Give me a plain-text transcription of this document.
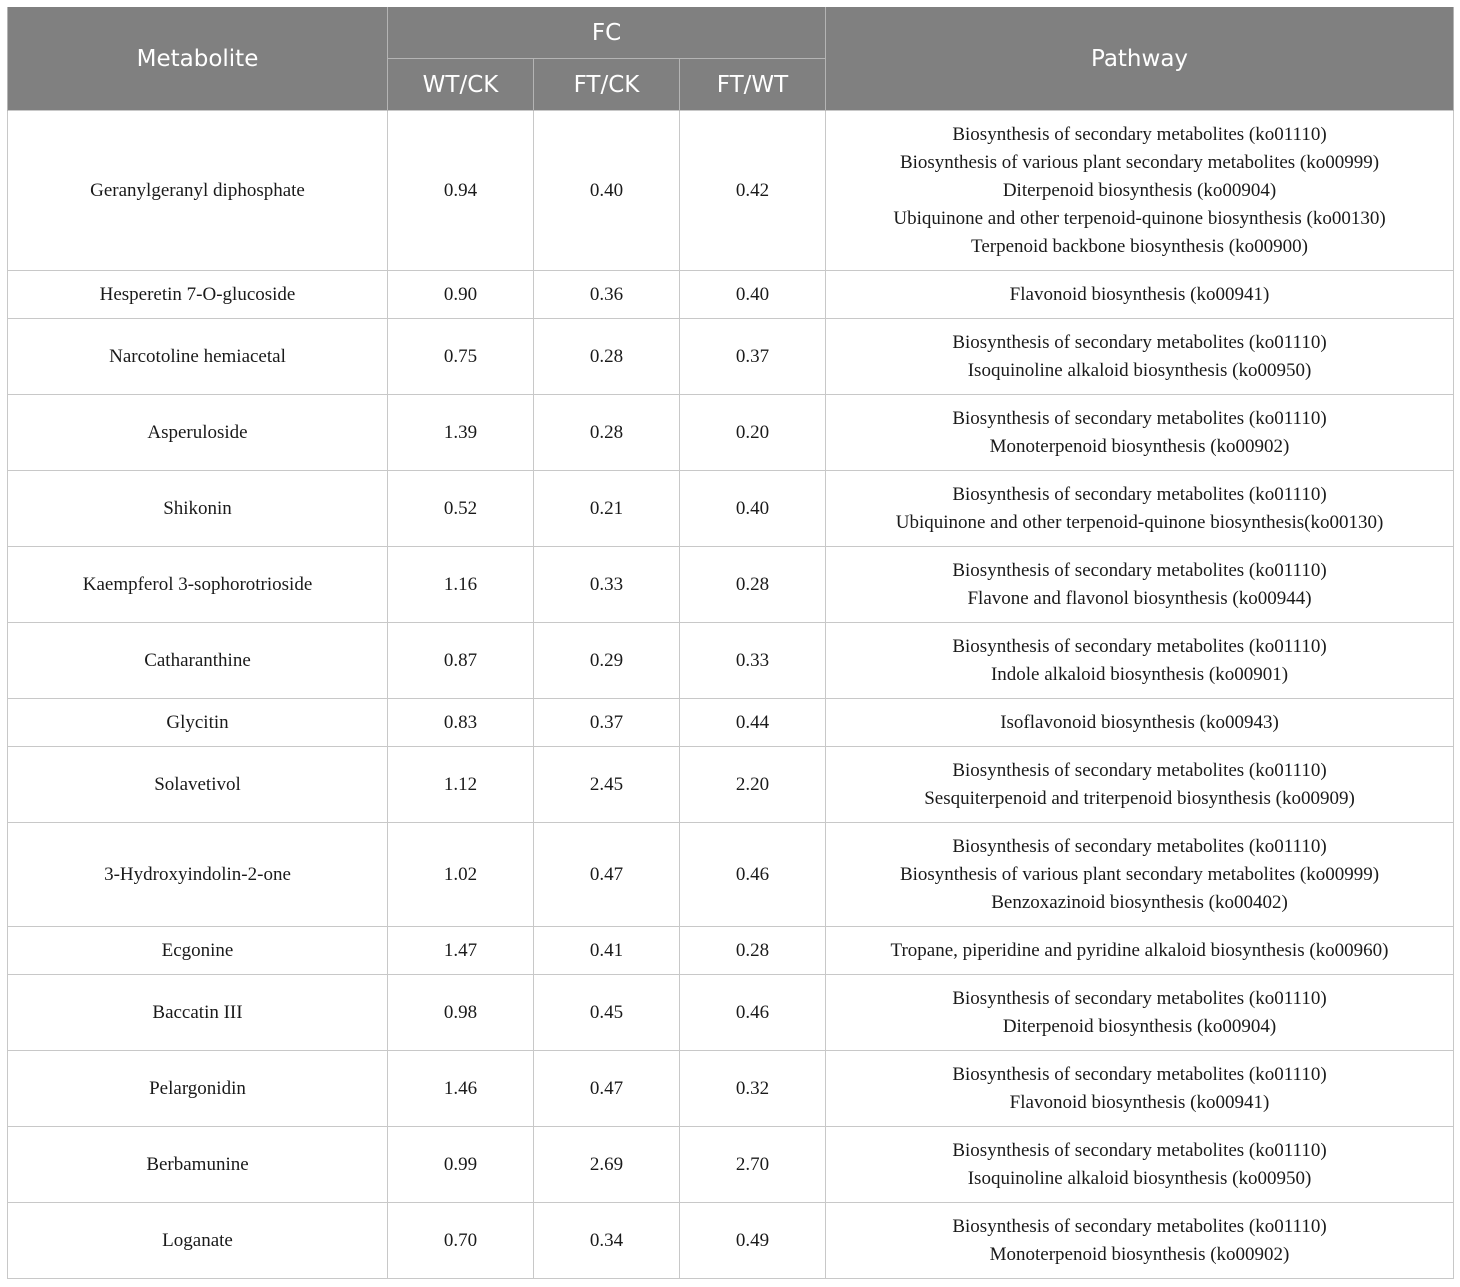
Metabolite	FC			Pathway
	WT/CK	FT/CK	FT/WT	
Geranylgeranyl diphosphate	0.94	0.40	0.42	Biosynthesis of secondary metabolites (ko01110)
Biosynthesis of various plant secondary metabolites (ko00999)
Diterpenoid biosynthesis (ko00904)
Ubiquinone and other terpenoid-quinone biosynthesis (ko00130)
Terpenoid backbone biosynthesis (ko00900)

Hesperetin 7-O-glucoside	0.90	0.36	0.40	Flavonoid biosynthesis (ko00941)

Narcotoline hemiacetal	0.75	0.28	0.37	Biosynthesis of secondary metabolites (ko01110)
Isoquinoline alkaloid biosynthesis (ko00950)

Asperuloside	1.39	0.28	0.20	Biosynthesis of secondary metabolites (ko01110)
Monoterpenoid biosynthesis (ko00902)

Shikonin	0.52	0.21	0.40	Biosynthesis of secondary metabolites (ko01110)
Ubiquinone and other terpenoid-quinone biosynthesis(ko00130)

Kaempferol 3-sophorotrioside	1.16	0.33	0.28	Biosynthesis of secondary metabolites (ko01110)
Flavone and flavonol biosynthesis (ko00944)

Catharanthine	0.87	0.29	0.33	Biosynthesis of secondary metabolites (ko01110)
Indole alkaloid biosynthesis (ko00901)

Glycitin	0.83	0.37	0.44	Isoflavonoid biosynthesis (ko00943)

Solavetivol	1.12	2.45	2.20	Biosynthesis of secondary metabolites (ko01110)
Sesquiterpenoid and triterpenoid biosynthesis (ko00909)

3-Hydroxyindolin-2-one	1.02	0.47	0.46	Biosynthesis of secondary metabolites (ko01110)
Biosynthesis of various plant secondary metabolites (ko00999)
Benzoxazinoid biosynthesis (ko00402)

Ecgonine	1.47	0.41	0.28	Tropane, piperidine and pyridine alkaloid biosynthesis (ko00960)

Baccatin III	0.98	0.45	0.46	Biosynthesis of secondary metabolites (ko01110)
Diterpenoid biosynthesis (ko00904)

Pelargonidin	1.46	0.47	0.32	Biosynthesis of secondary metabolites (ko01110)
Flavonoid biosynthesis (ko00941)

Berbamunine	0.99	2.69	2.70	Biosynthesis of secondary metabolites (ko01110)
Isoquinoline alkaloid biosynthesis (ko00950)

Loganate	0.70	0.34	0.49	Biosynthesis of secondary metabolites (ko01110)
Monoterpenoid biosynthesis (ko00902)
